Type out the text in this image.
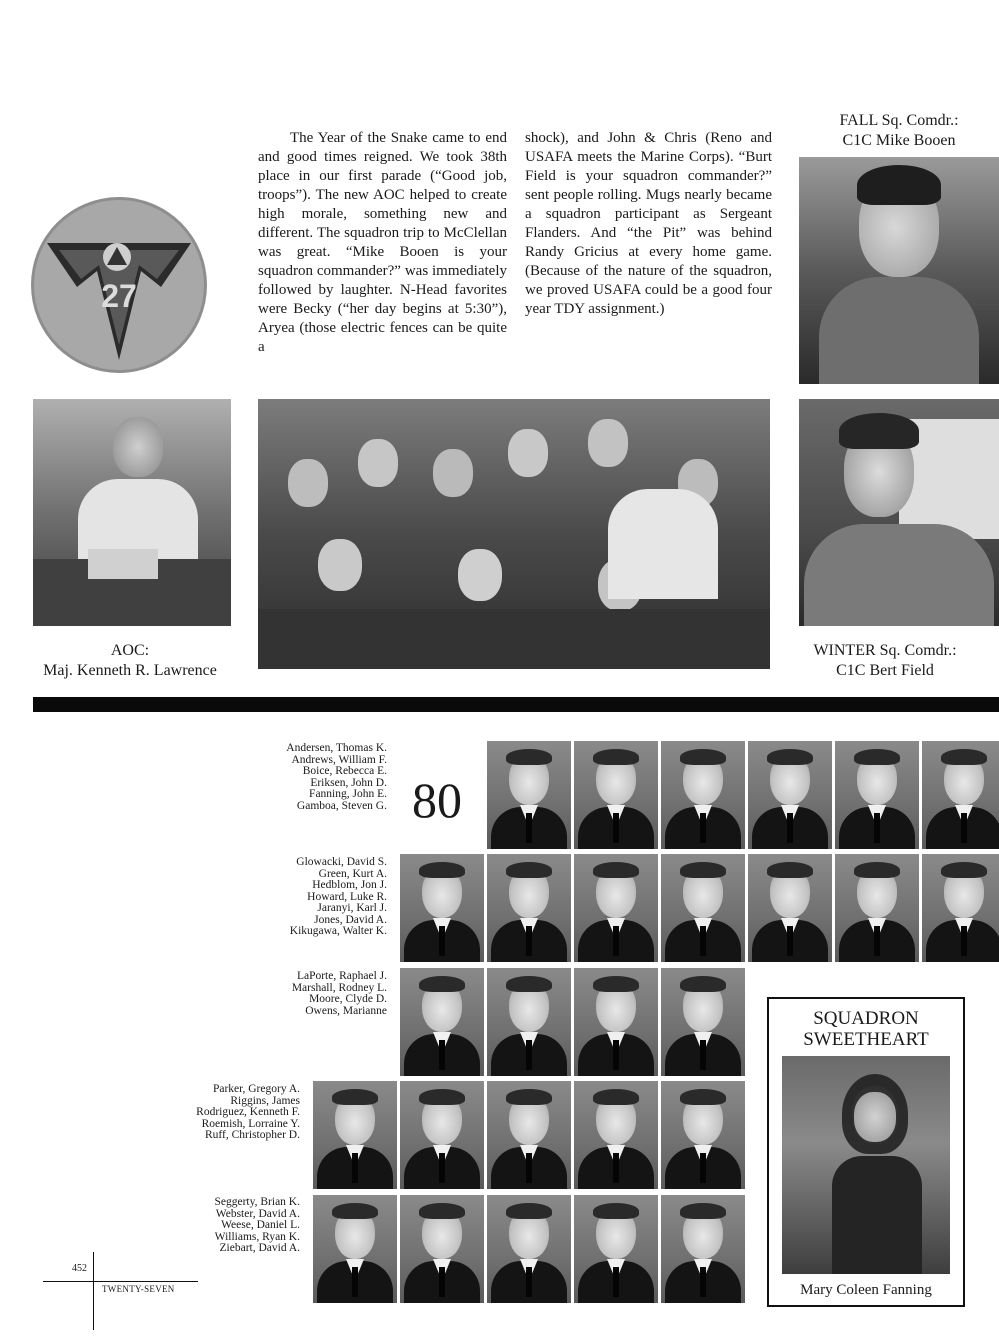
27

The Year of the Snake came to end and good times reigned. We took 38th place in our first parade (“Good job, troops”). The new AOC helped to create high morale, something new and different. The squadron trip to McClellan was great. “Mike Booen is your squadron commander?” was immediately followed by laughter. N-Head favorites were Becky (“her day begins at 5:30”), Aryea (those electric fences can be quite a

shock), and John & Chris (Reno and USAFA meets the Marine Corps). “Burt Field is your squadron commander?” sent people rolling. Mugs nearly became a squadron participant as Sergeant Flanders. And “the Pit” was behind Randy Gricius at every home game. (Because of the nature of the squadron, we proved USAFA could be a good four year TDY assignment.)

FALL Sq. Comdr.:
C1C Mike Booen
AOC:
Maj. Kenneth R. Lawrence
WINTER Sq. Comdr.:
C1C Bert Field
80
Andersen, Thomas K.
Andrews, William F.
Boice, Rebecca E.
Eriksen, John D.
Fanning, John E.
Gamboa, Steven G.
Glowacki, David S.
Green, Kurt A.
Hedblom, Jon J.
Howard, Luke R.
Jaranyi, Karl J.
Jones, David A.
Kikugawa, Walter K.
LaPorte, Raphael J.
Marshall, Rodney L.
Moore, Clyde D.
Owens, Marianne
Parker, Gregory A.
Riggins, James
Rodriguez, Kenneth F.
Roemish, Lorraine Y.
Ruff, Christopher D.
Seggerty, Brian K.
Webster, David A.
Weese, Daniel L.
Williams, Ryan K.
Ziebart, David A.
SQUADRON
SWEETHEART
Mary Coleen Fanning
452
TWENTY-SEVEN
